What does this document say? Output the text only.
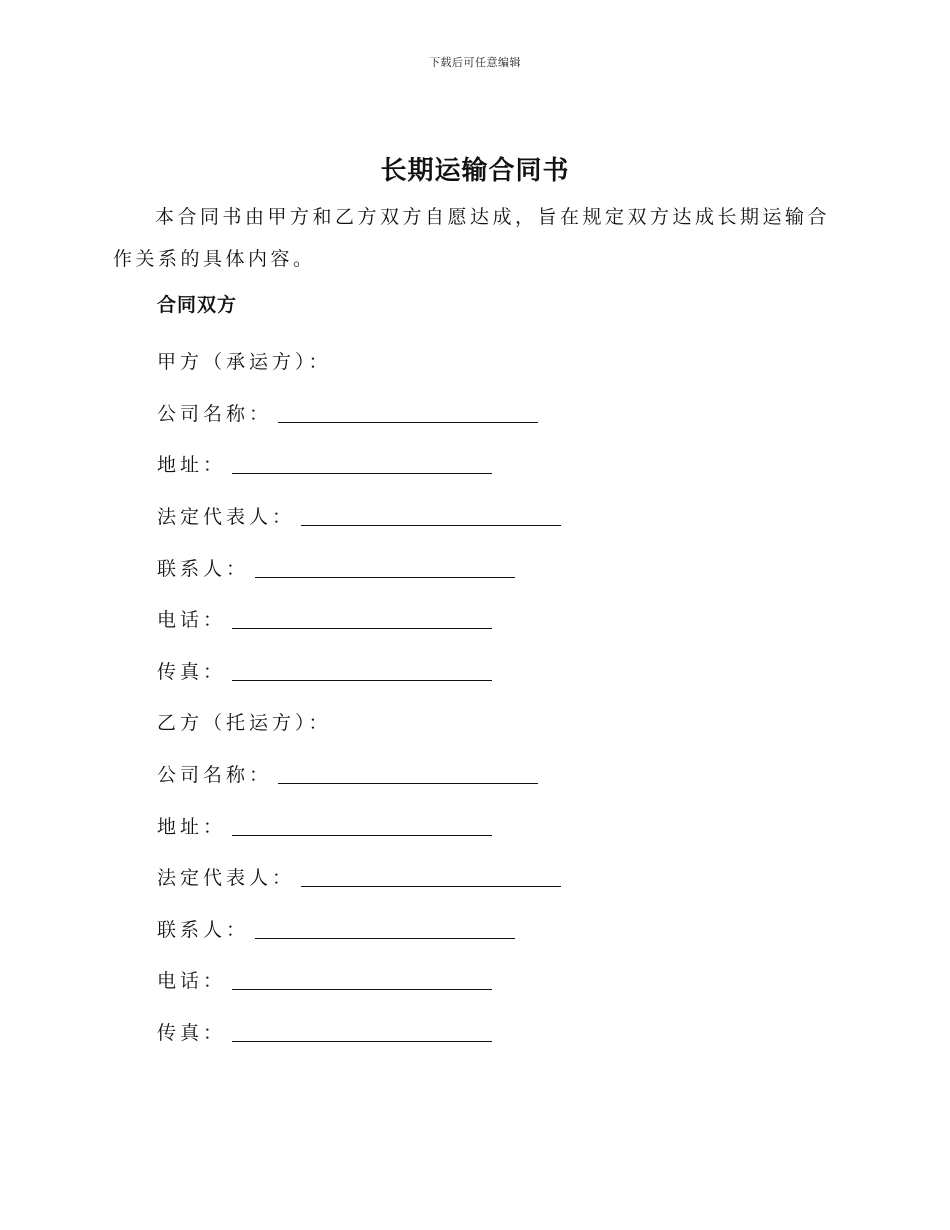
下载后可任意编辑
长期运输合同书

本合同书由甲方和乙方双方自愿达成，旨在规定双方达成长期运输合作关系的具体内容。

合同双方
甲方（承运方）：
公司名称：
地址：
法定代表人：
联系人：
电话：
传真：
乙方（托运方）：
公司名称：
地址：
法定代表人：
联系人：
电话：
传真：
